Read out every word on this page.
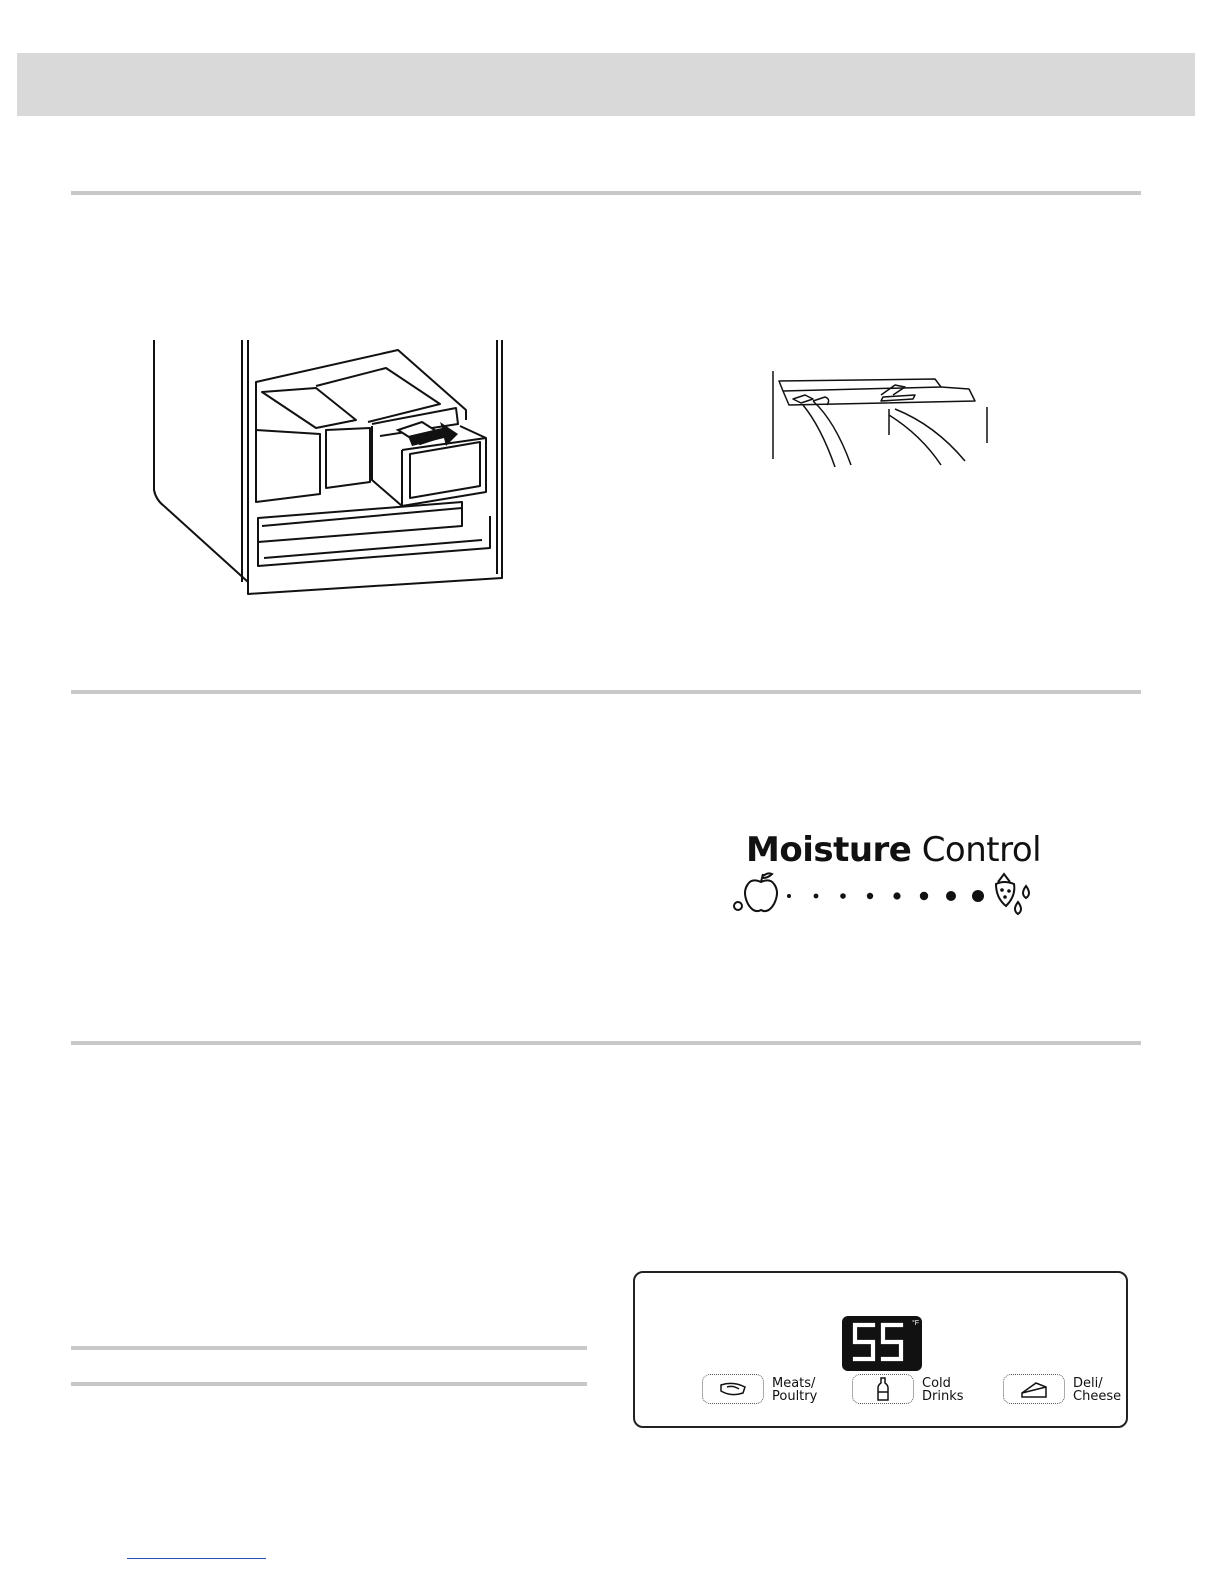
Moisture Control
°F
Meats/
Poultry
Cold
Drinks
Deli/
Cheese
